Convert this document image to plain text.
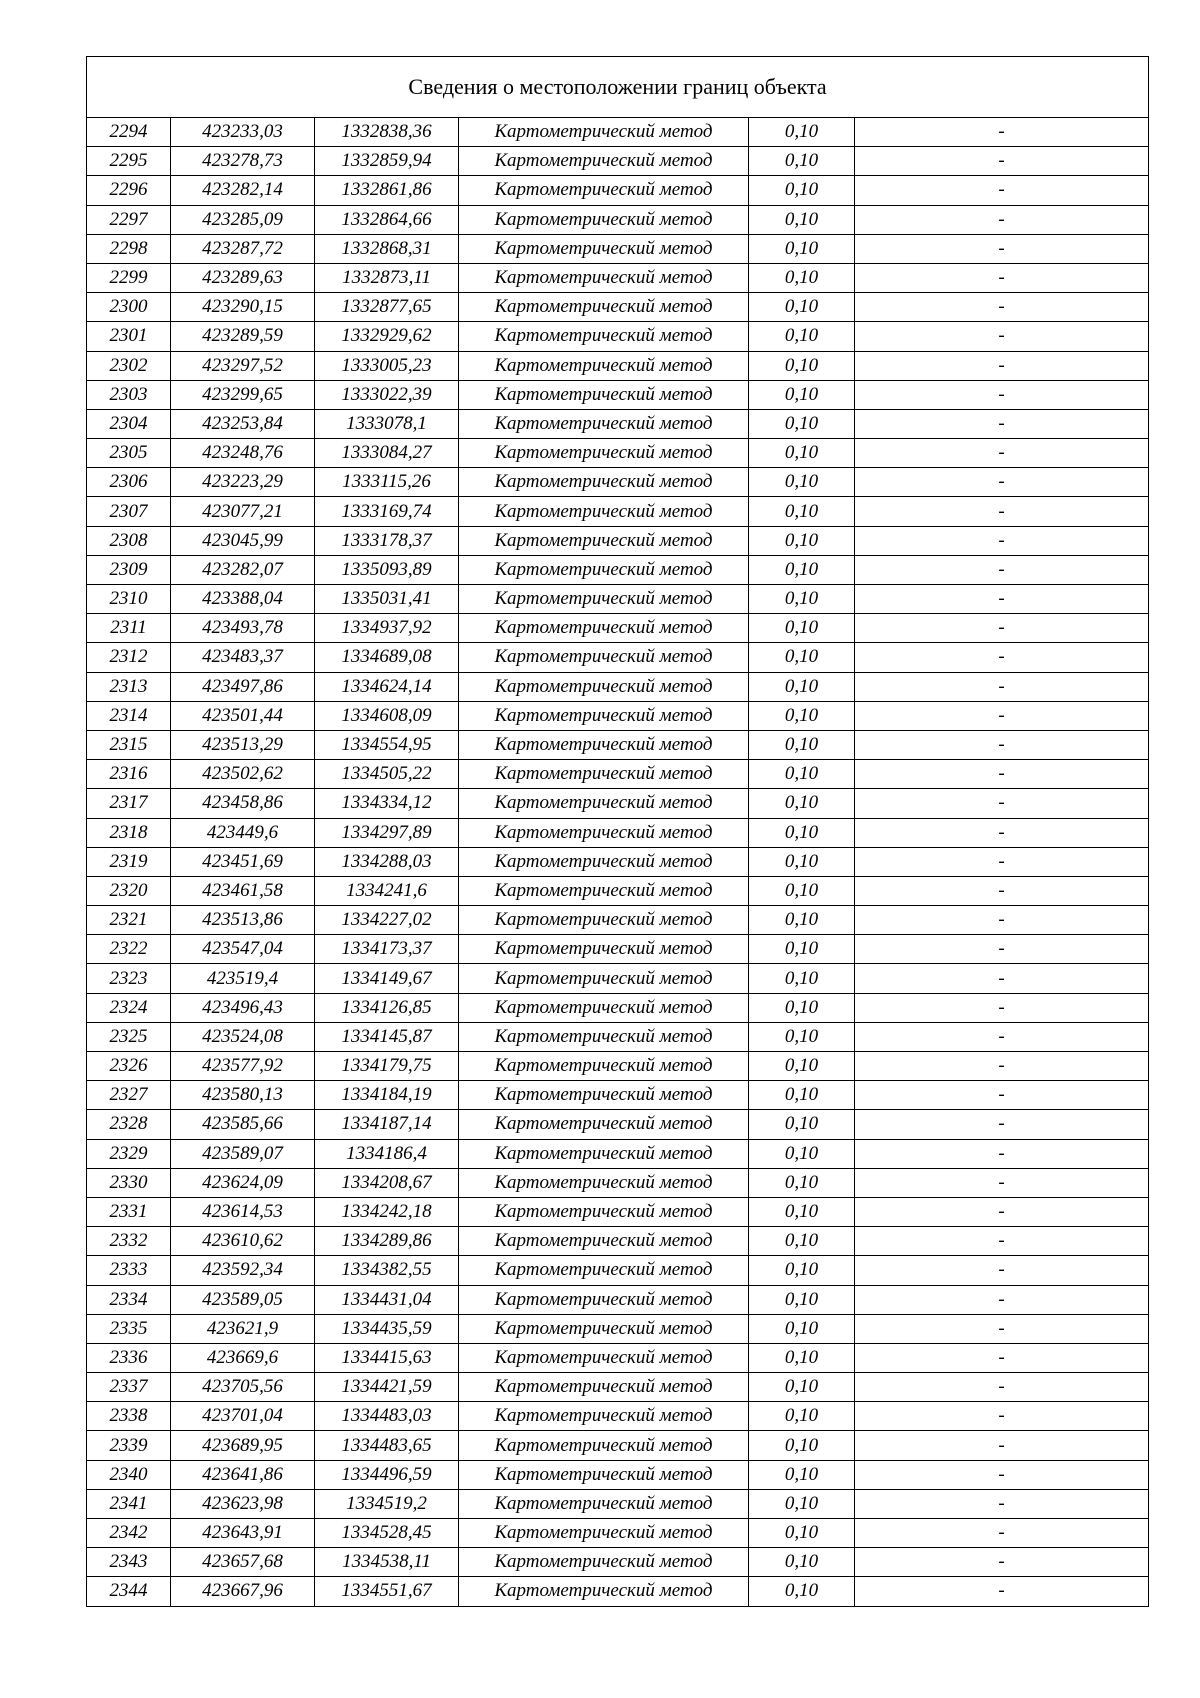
Сведения о местоположении границ объекта					
2294	423233,03	1332838,36	Картометрический метод	0,10	-
2295	423278,73	1332859,94	Картометрический метод	0,10	-
2296	423282,14	1332861,86	Картометрический метод	0,10	-
2297	423285,09	1332864,66	Картометрический метод	0,10	-
2298	423287,72	1332868,31	Картометрический метод	0,10	-
2299	423289,63	1332873,11	Картометрический метод	0,10	-
2300	423290,15	1332877,65	Картометрический метод	0,10	-
2301	423289,59	1332929,62	Картометрический метод	0,10	-
2302	423297,52	1333005,23	Картометрический метод	0,10	-
2303	423299,65	1333022,39	Картометрический метод	0,10	-
2304	423253,84	1333078,1	Картометрический метод	0,10	-
2305	423248,76	1333084,27	Картометрический метод	0,10	-
2306	423223,29	1333115,26	Картометрический метод	0,10	-
2307	423077,21	1333169,74	Картометрический метод	0,10	-
2308	423045,99	1333178,37	Картометрический метод	0,10	-
2309	423282,07	1335093,89	Картометрический метод	0,10	-
2310	423388,04	1335031,41	Картометрический метод	0,10	-
2311	423493,78	1334937,92	Картометрический метод	0,10	-
2312	423483,37	1334689,08	Картометрический метод	0,10	-
2313	423497,86	1334624,14	Картометрический метод	0,10	-
2314	423501,44	1334608,09	Картометрический метод	0,10	-
2315	423513,29	1334554,95	Картометрический метод	0,10	-
2316	423502,62	1334505,22	Картометрический метод	0,10	-
2317	423458,86	1334334,12	Картометрический метод	0,10	-
2318	423449,6	1334297,89	Картометрический метод	0,10	-
2319	423451,69	1334288,03	Картометрический метод	0,10	-
2320	423461,58	1334241,6	Картометрический метод	0,10	-
2321	423513,86	1334227,02	Картометрический метод	0,10	-
2322	423547,04	1334173,37	Картометрический метод	0,10	-
2323	423519,4	1334149,67	Картометрический метод	0,10	-
2324	423496,43	1334126,85	Картометрический метод	0,10	-
2325	423524,08	1334145,87	Картометрический метод	0,10	-
2326	423577,92	1334179,75	Картометрический метод	0,10	-
2327	423580,13	1334184,19	Картометрический метод	0,10	-
2328	423585,66	1334187,14	Картометрический метод	0,10	-
2329	423589,07	1334186,4	Картометрический метод	0,10	-
2330	423624,09	1334208,67	Картометрический метод	0,10	-
2331	423614,53	1334242,18	Картометрический метод	0,10	-
2332	423610,62	1334289,86	Картометрический метод	0,10	-
2333	423592,34	1334382,55	Картометрический метод	0,10	-
2334	423589,05	1334431,04	Картометрический метод	0,10	-
2335	423621,9	1334435,59	Картометрический метод	0,10	-
2336	423669,6	1334415,63	Картометрический метод	0,10	-
2337	423705,56	1334421,59	Картометрический метод	0,10	-
2338	423701,04	1334483,03	Картометрический метод	0,10	-
2339	423689,95	1334483,65	Картометрический метод	0,10	-
2340	423641,86	1334496,59	Картометрический метод	0,10	-
2341	423623,98	1334519,2	Картометрический метод	0,10	-
2342	423643,91	1334528,45	Картометрический метод	0,10	-
2343	423657,68	1334538,11	Картометрический метод	0,10	-
2344	423667,96	1334551,67	Картометрический метод	0,10	-
